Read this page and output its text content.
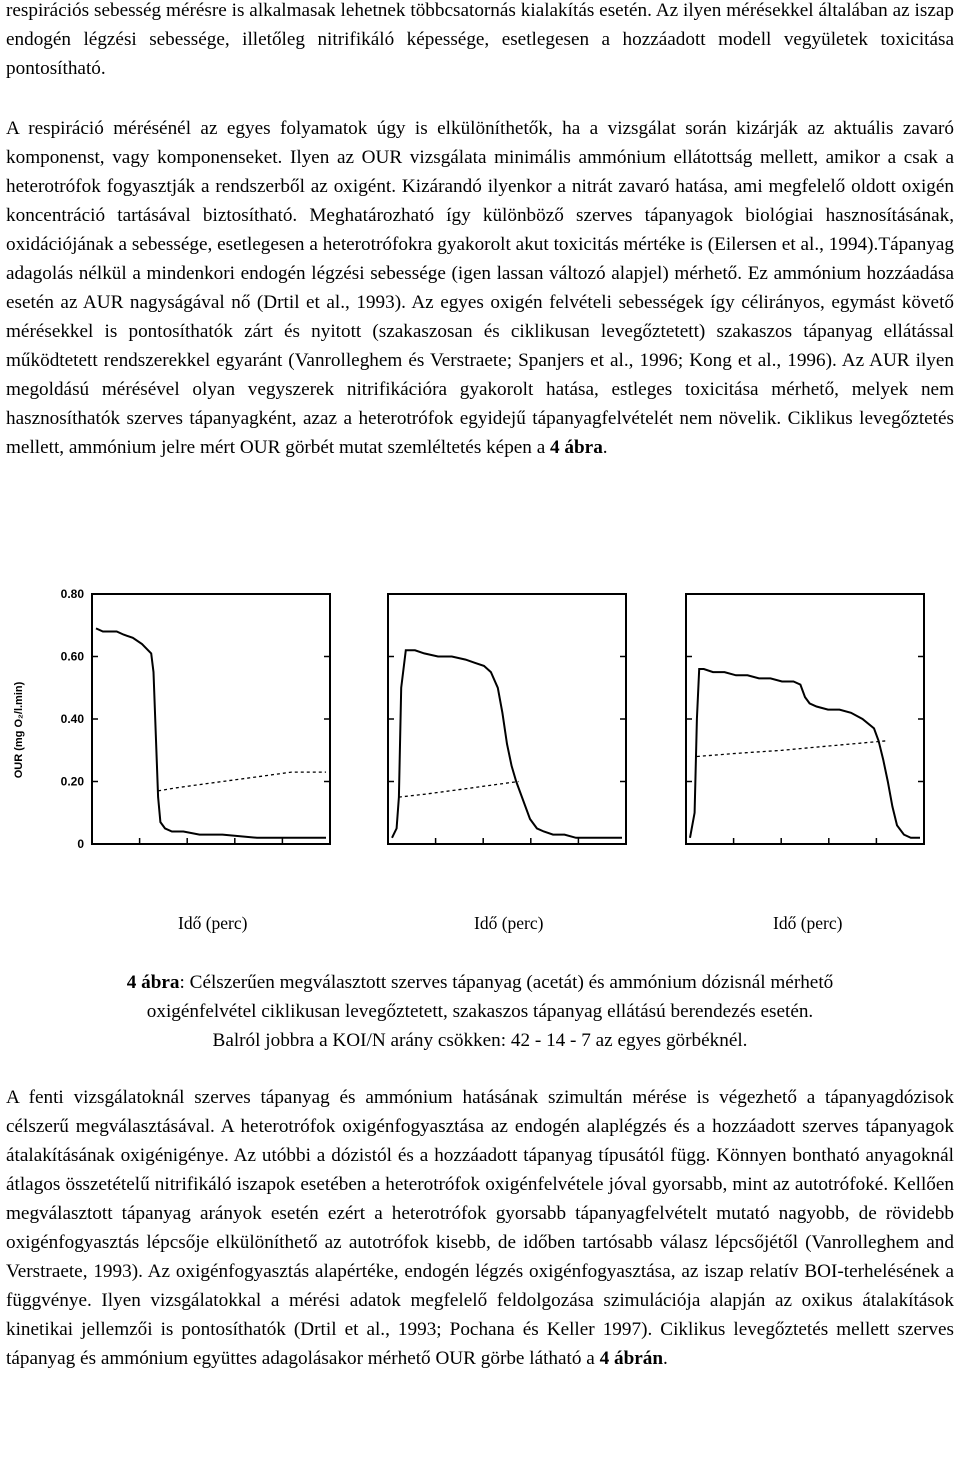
respirációs sebesség mérésre is alkalmasak lehetnek többcsatornás kialakítás esetén. Az ilyen mérésekkel általában az iszap endogén légzési sebessége, illetőleg nitrifikáló képessége, esetlegesen a hozzáadott modell vegyületek toxicitása pontosítható.

A respiráció mérésénél az egyes folyamatok úgy is elkülöníthetők, ha a vizsgálat során kizárják az aktuális zavaró komponenst, vagy komponenseket. Ilyen az OUR vizsgálata minimális ammónium ellátottság mellett, amikor a csak a heterotrófok fogyasztják a rendszerből az oxigént. Kizárandó ilyenkor a nitrát zavaró hatása, ami megfelelő oldott oxigén koncentráció tartásával biztosítható. Meghatározható így különböző szerves tápanyagok biológiai hasznosításának, oxidációjának a sebessége, esetlegesen a heterotrófokra gyakorolt akut toxicitás mértéke is (Eilersen et al., 1994).Tápanyag adagolás nélkül a mindenkori endogén légzési sebessége (igen lassan változó alapjel) mérhető. Ez ammónium hozzáadása esetén az AUR nagyságával nő (Drtil et al., 1993). Az egyes oxigén felvételi sebességek így célirányos, egymást követő mérésekkel is pontosíthatók zárt és nyitott (szakaszosan és ciklikusan levegőztetett) szakaszos tápanyag ellátással működtetett rendszerekkel egyaránt (Vanrolleghem és Verstraete; Spanjers et al., 1996; Kong et al., 1996). Az AUR ilyen megoldású mérésével olyan vegyszerek nitrifikációra gyakorolt hatása, estleges toxicitása mérhető, melyek nem hasznosíthatók szerves tápanyagként, azaz a heterotrófok egyidejű tápanyagfelvételét nem növelik. Ciklikus levegőztetés mellett, ammónium jelre mért OUR görbét mutat szemléltetés képen a 4 ábra.

OUR (mg O₂/l.min)
0.80
0.60
0.40
0.20
0
Idő (perc)	Idő (perc)	Idő (perc)
4 ábra: Célszerűen megválasztott szerves tápanyag (acetát) és ammónium dózisnál mérhető
oxigénfelvétel ciklikusan levegőztetett, szakaszos tápanyag ellátású berendezés esetén.
Balról jobbra a KOI/N arány csökken: 42 - 14 - 7 az egyes görbéknél.

A fenti vizsgálatoknál szerves tápanyag és ammónium hatásának szimultán mérése is végezhető a tápanyagdózisok célszerű megválasztásával. A heterotrófok oxigénfogyasztása az endogén alaplégzés és a hozzáadott szerves tápanyagok átalakításának oxigénigénye. Az utóbbi a dózistól és a hozzáadott tápanyag típusától függ. Könnyen bontható anyagoknál átlagos összetételű nitrifikáló iszapok esetében a heterotrófok oxigénfelvétele jóval gyorsabb, mint az autotrófoké. Kellően megválasztott tápanyag arányok esetén ezért a heterotrófok gyorsabb tápanyagfelvételt mutató nagyobb, de rövidebb oxigénfogyasztás lépcsője elkülöníthető az autotrófok kisebb, de időben tartósabb válasz lépcsőjétől (Vanrolleghem and Verstraete, 1993). Az oxigénfogyasztás alapértéke, endogén légzés oxigénfogyasztása, az iszap relatív BOI-terhelésének a függvénye. Ilyen vizsgálatokkal a mérési adatok megfelelő feldolgozása szimulációja alapján az oxikus átalakítások kinetikai jellemzői is pontosíthatók (Drtil et al., 1993; Pochana és Keller 1997). Ciklikus levegőztetés mellett szerves tápanyag és ammónium együttes adagolásakor mérhető OUR görbe látható a 4 ábrán.
